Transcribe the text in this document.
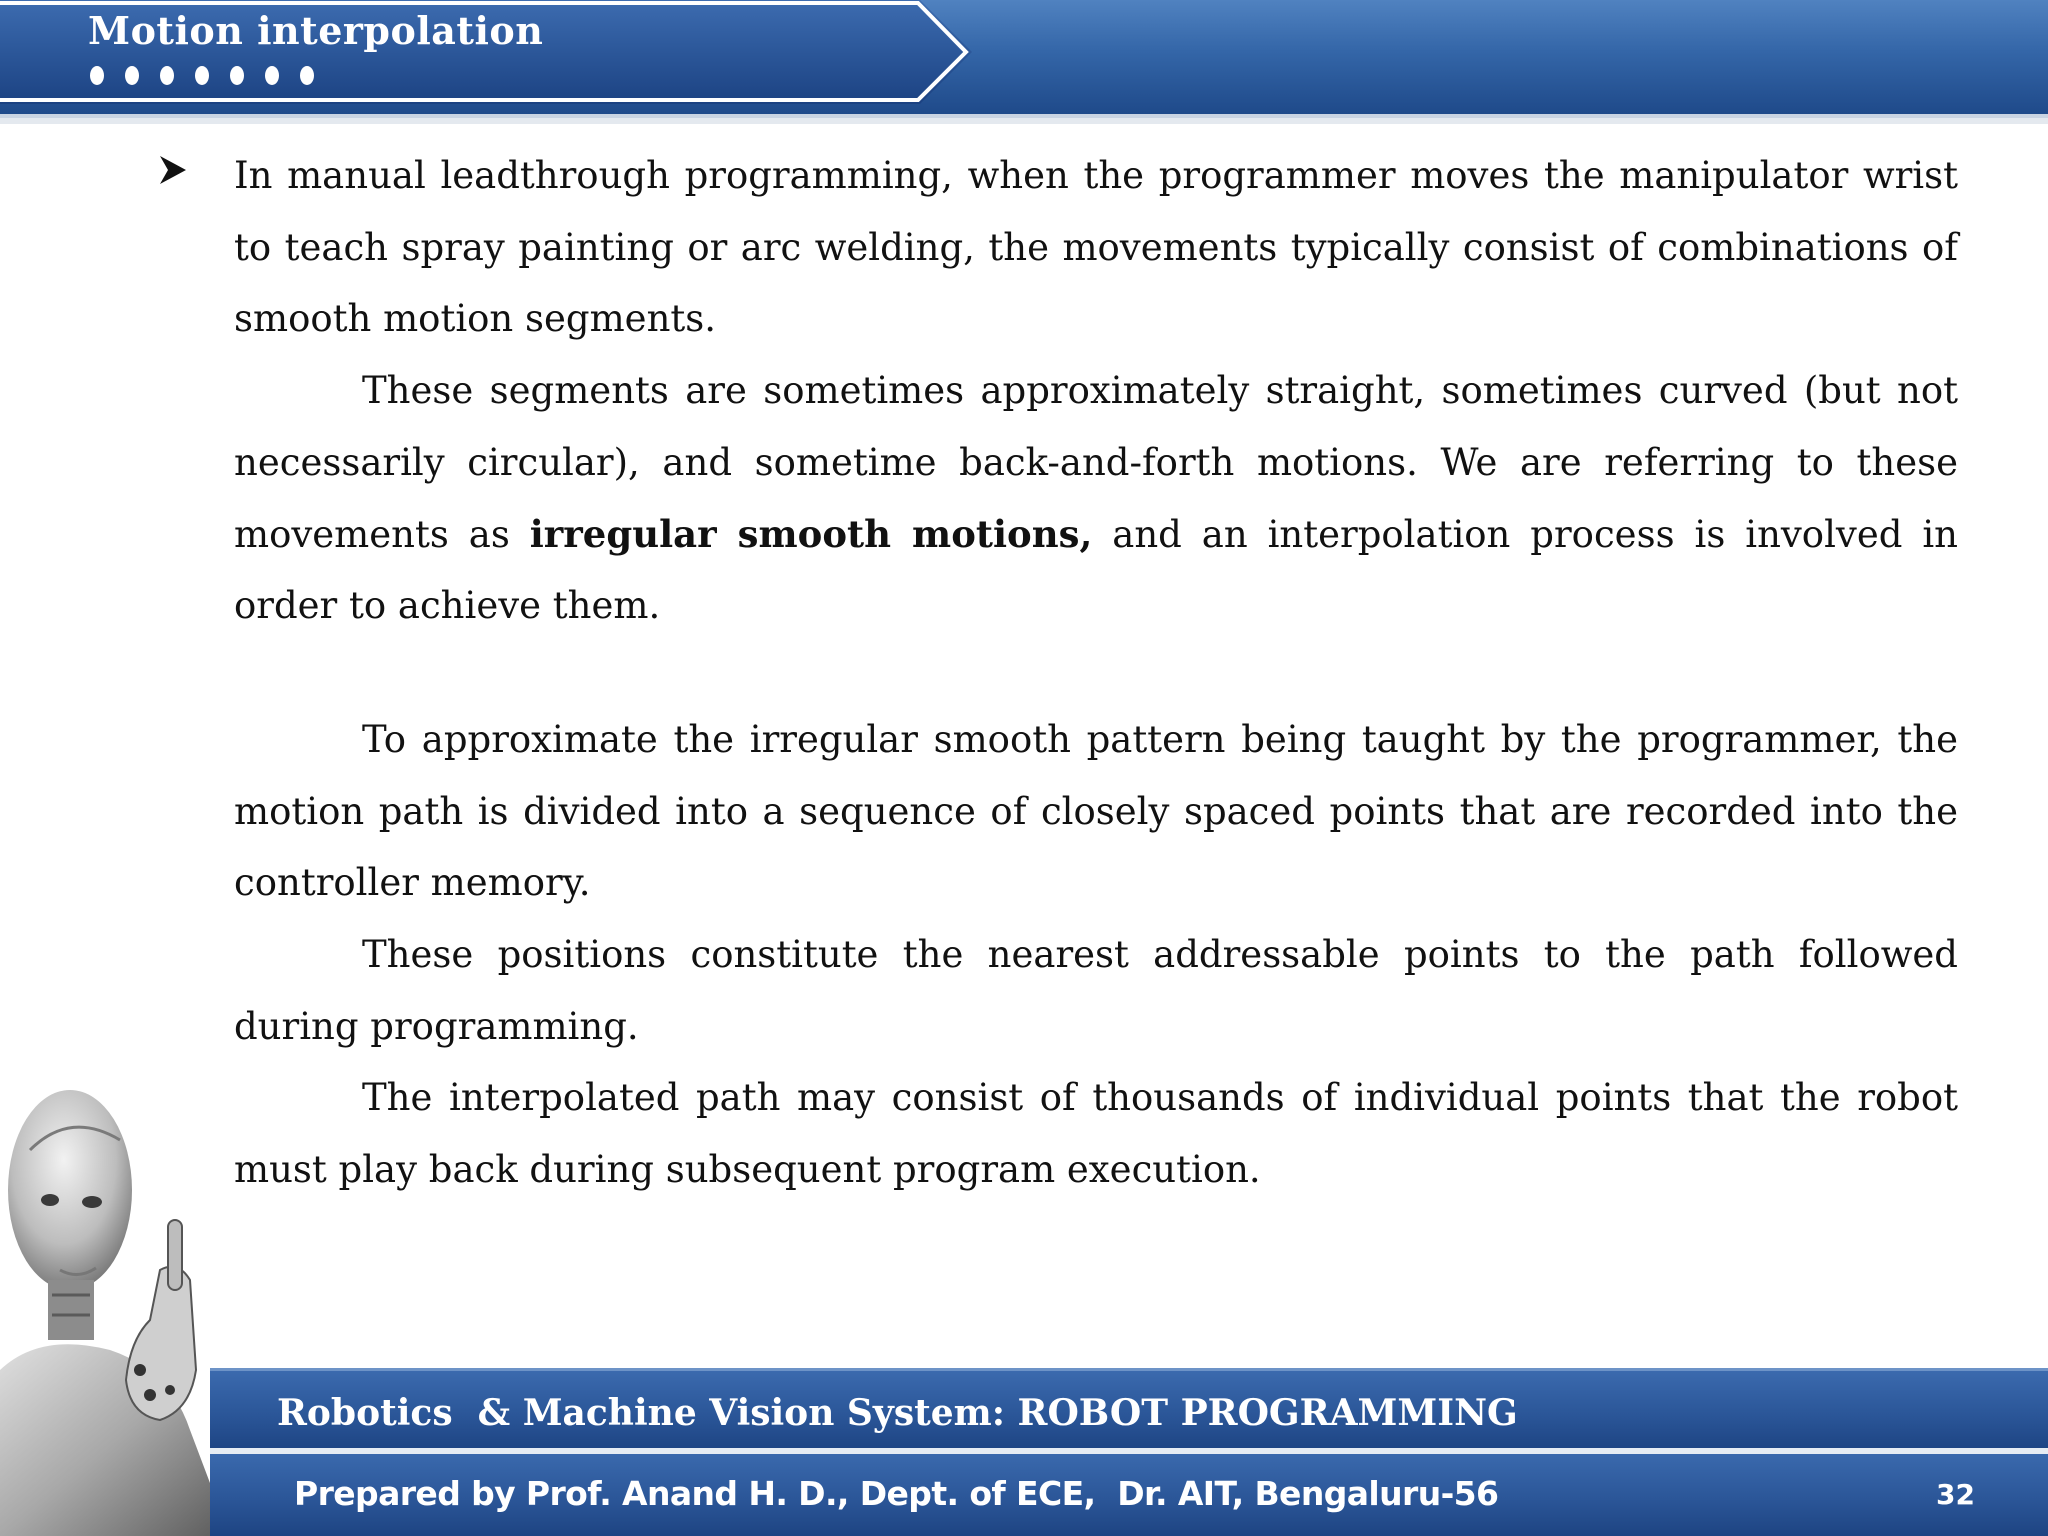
Motion interpolation

In manual leadthrough programming, when the programmer moves the manipulator wrist to teach spray painting or arc welding, the movements typically consist of combinations of smooth motion segments.

These segments are sometimes approximately straight, sometimes curved (but not necessarily circular), and sometime back-and-forth motions. We are referring to these movements as irregular smooth motions, and an interpolation process is involved in order to achieve them.

To approximate the irregular smooth pattern being taught by the programmer, the motion path is divided into a sequence of closely spaced points that are recorded into the controller memory.

These positions constitute the nearest addressable points to the path followed during programming.

The interpolated path may consist of thousands of individual points that the robot must play back during subsequent program execution.

Robotics  & Machine Vision System: ROBOT PROGRAMMING
Prepared by Prof. Anand H. D., Dept. of ECE,  Dr. AIT, Bengaluru-56	32
